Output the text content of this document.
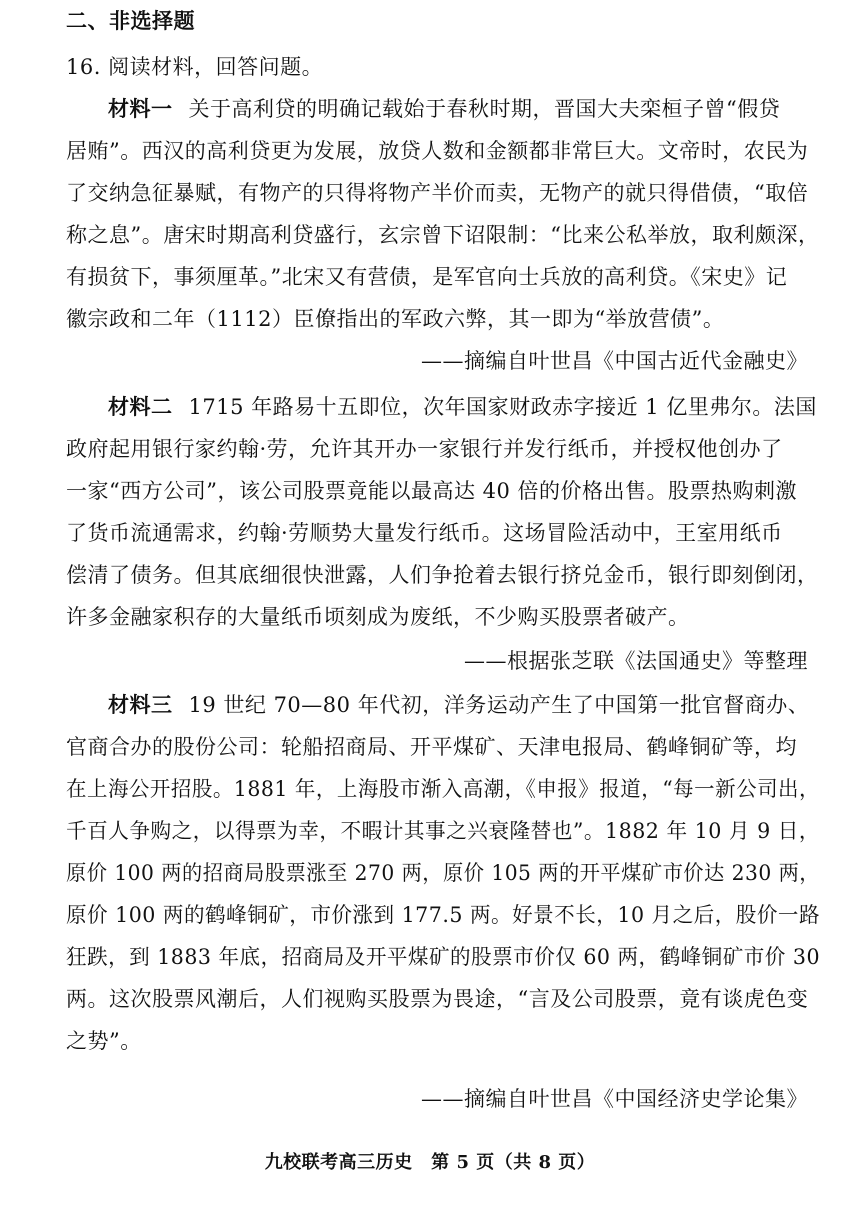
二、非选择题
16. 阅读材料，回答问题。
材料一 关于高利贷的明确记载始于春秋时期，晋国大夫栾桓子曾“假贷
居贿”。西汉的高利贷更为发展，放贷人数和金额都非常巨大。文帝时，农民为
了交纳急征暴赋，有物产的只得将物产半价而卖，无物产的就只得借债，“取倍
称之息”。唐宋时期高利贷盛行，玄宗曾下诏限制：“比来公私举放，取利颇深，
有损贫下，事须厘革。”北宋又有营债，是军官向士兵放的高利贷。《宋史》记
徽宗政和二年（1112）臣僚指出的军政六弊，其一即为“举放营债”。
——摘编自叶世昌《中国古近代金融史》
材料二 1715 年路易十五即位，次年国家财政赤字接近 1 亿里弗尔。法国
政府起用银行家约翰·劳，允许其开办一家银行并发行纸币，并授权他创办了
一家“西方公司”，该公司股票竟能以最高达 40 倍的价格出售。股票热购刺激
了货币流通需求，约翰·劳顺势大量发行纸币。这场冒险活动中，王室用纸币
偿清了债务。但其底细很快泄露，人们争抢着去银行挤兑金币，银行即刻倒闭，
许多金融家积存的大量纸币顷刻成为废纸，不少购买股票者破产。
——根据张芝联《法国通史》等整理
材料三 19 世纪 70—80 年代初，洋务运动产生了中国第一批官督商办、
官商合办的股份公司：轮船招商局、开平煤矿、天津电报局、鹤峰铜矿等，均
在上海公开招股。1881 年，上海股市渐入高潮，《申报》报道，“每一新公司出，
千百人争购之，以得票为幸，不暇计其事之兴衰隆替也”。1882 年 10 月 9 日，
原价 100 两的招商局股票涨至 270 两，原价 105 两的开平煤矿市价达 230 两，
原价 100 两的鹤峰铜矿，市价涨到 177.5 两。好景不长，10 月之后，股价一路
狂跌，到 1883 年底，招商局及开平煤矿的股票市价仅 60 两，鹤峰铜矿市价 30
两。这次股票风潮后，人们视购买股票为畏途，“言及公司股票，竟有谈虎色变
之势”。
——摘编自叶世昌《中国经济史学论集》
九校联考高三历史　第 5 页（共 8 页）
